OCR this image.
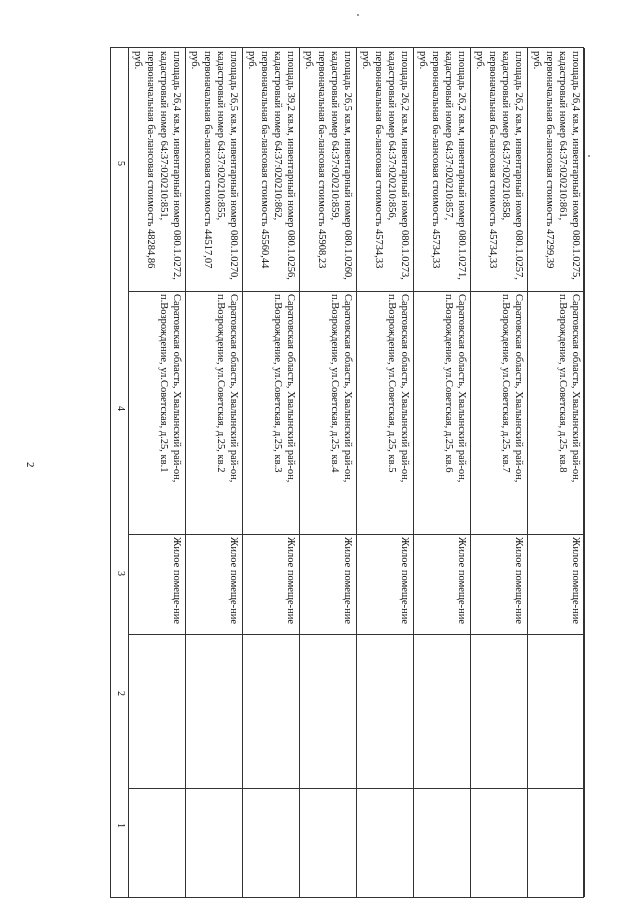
2
1
2
3
4
5
Жилое помеще-ние
Саратовская область, Хвалынский рай-он, п.Возрождение, ул.Советская, д.25, кв.1
площадь 26,4 кв.м, инвентарный номер 080.1.0272, кадастровый номер 64:37:020210:851, первоначальная ба-лансовая стоимость 48284,86 руб.
Жилое помеще-ние
Саратовская область, Хвалынский рай-он, п.Возрождение, ул.Советская, д.25, кв.2
площадь 26,5 кв.м, инвентарный номер 080.1.0270, кадастровый номер 64:37:020210:855, первоначальная ба-лансовая стоимость 44517,07 руб.
Жилое помеще-ние
Саратовская область, Хвалынский рай-он, п.Возрождение, ул.Советская, д.25, кв.3
площадь 39,2 кв.м, инвентарный номер 080.1.0256, кадастровый номер 64:37:020210:862, первоначальная ба-лансовая стоимость 45560,44 руб.
Жилое помеще-ние
Саратовская область, Хвалынский рай-он, п.Возрождение, ул.Советская, д.25, кв.4
площадь 26,5 кв.м, инвентарный номер 080.1.0260, кадастровый номер 64:37:020210:859, первоначальная ба-лансовая стоимость 45908,23 руб.
Жилое помеще-ние
Саратовская область, Хвалынский рай-он, п.Возрождение, ул.Советская, д.25, кв.5
площадь 26,2 кв.м, инвентарный номер 080.1.0273, кадастровый номер 64:37:020210:856, первоначальная ба-лансовая стоимость 45734,33 руб.
Жилое помеще-ние
Саратовская область, Хвалынский рай-он, п.Возрождение, ул.Советская, д.25, кв.6
площадь 26,2 кв.м, инвентарный номер 080.1.0271, кадастровый номер 64:37:020210:857, первоначальная ба-лансовая стоимость 45734,33 руб.
Жилое помеще-ние
Саратовская область, Хвалынский рай-он, п.Возрождение, ул.Советская, д.25, кв.7
площадь 26,2 кв.м, инвентарный номер 080.1.0257, кадастровый номер 64:37:020210:858, первоначальная ба-лансовая стоимость 45734,33 руб.
Жилое помеще-ние
Саратовская область, Хвалынский рай-он, п.Возрождение, ул.Советская, д.25, кв.8
площадь 26,4 кв.м, инвентарный номер 080.1.0275, кадастровый номер 64:37:020210:861, первоначальная ба-лансовая стоимость 47299,39 руб.
